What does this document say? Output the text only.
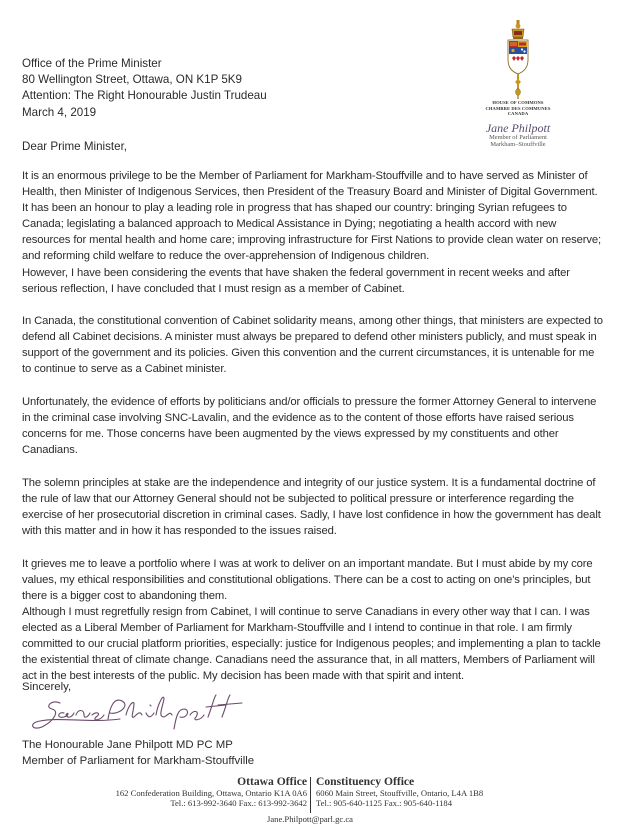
HOUSE OF COMMONS
CHAMBRE DES COMMUNES
CANADA
Jane Philpott
Member of Parliament
Markham–Stouffville
Office of the Prime Minister
80 Wellington Street, Ottawa, ON K1P 5K9
Attention: The Right Honourable Justin Trudeau
March 4, 2019
Dear Prime Minister,

It is an enormous privilege to be the Member of Parliament for Markham-Stouffville and to have served as Minister of Health, then Minister of Indigenous Services, then President of the Treasury Board and Minister of Digital Government. It has been an honour to play a leading role in progress that has shaped our country: bringing Syrian refugees to Canada; legislating a balanced approach to Medical Assistance in Dying; negotiating a health accord with new resources for mental health and home care; improving infrastructure for First Nations to provide clean water on reserve; and reforming child welfare to reduce the over-apprehension of Indigenous children.

However, I have been considering the events that have shaken the federal government in recent weeks and after serious reflection, I have concluded that I must resign as a member of Cabinet.

In Canada, the constitutional convention of Cabinet solidarity means, among other things, that ministers are expected to defend all Cabinet decisions. A minister must always be prepared to defend other ministers publicly, and must speak in support of the government and its policies. Given this convention and the current circumstances, it is untenable for me to continue to serve as a Cabinet minister.

Unfortunately, the evidence of efforts by politicians and/or officials to pressure the former Attorney General to intervene in the criminal case involving SNC-Lavalin, and the evidence as to the content of those efforts have raised serious concerns for me. Those concerns have been augmented by the views expressed by my constituents and other Canadians.

The solemn principles at stake are the independence and integrity of our justice system. It is a fundamental doctrine of the rule of law that our Attorney General should not be subjected to political pressure or interference regarding the exercise of her prosecutorial discretion in criminal cases. Sadly, I have lost confidence in how the government has dealt with this matter and in how it has responded to the issues raised.

It grieves me to leave a portfolio where I was at work to deliver on an important mandate. But I must abide by my core values, my ethical responsibilities and constitutional obligations. There can be a cost to acting on one’s principles, but there is a bigger cost to abandoning them.

Although I must regretfully resign from Cabinet, I will continue to serve Canadians in every other way that I can. I was elected as a Liberal Member of Parliament for Markham-Stouffville and I intend to continue in that role. I am firmly committed to our crucial platform priorities, especially: justice for Indigenous peoples; and implementing a plan to tackle the existential threat of climate change. Canadians need the assurance that, in all matters, Members of Parliament will act in the best interests of the public. My decision has been made with that spirit and intent.

Sincerely,
The Honourable Jane Philpott MD PC MP
Member of Parliament for Markham-Stouffville
Ottawa Office
162 Confederation Building, Ottawa, Ontario K1A 0A6
Tel.: 613-992-3640 Fax.: 613-992-3642
Constituency Office
6060 Main Street, Stouffville, Ontario, L4A 1B8
Tel.: 905-640-1125 Fax.: 905-640-1184
Jane.Philpott@parl.gc.ca
